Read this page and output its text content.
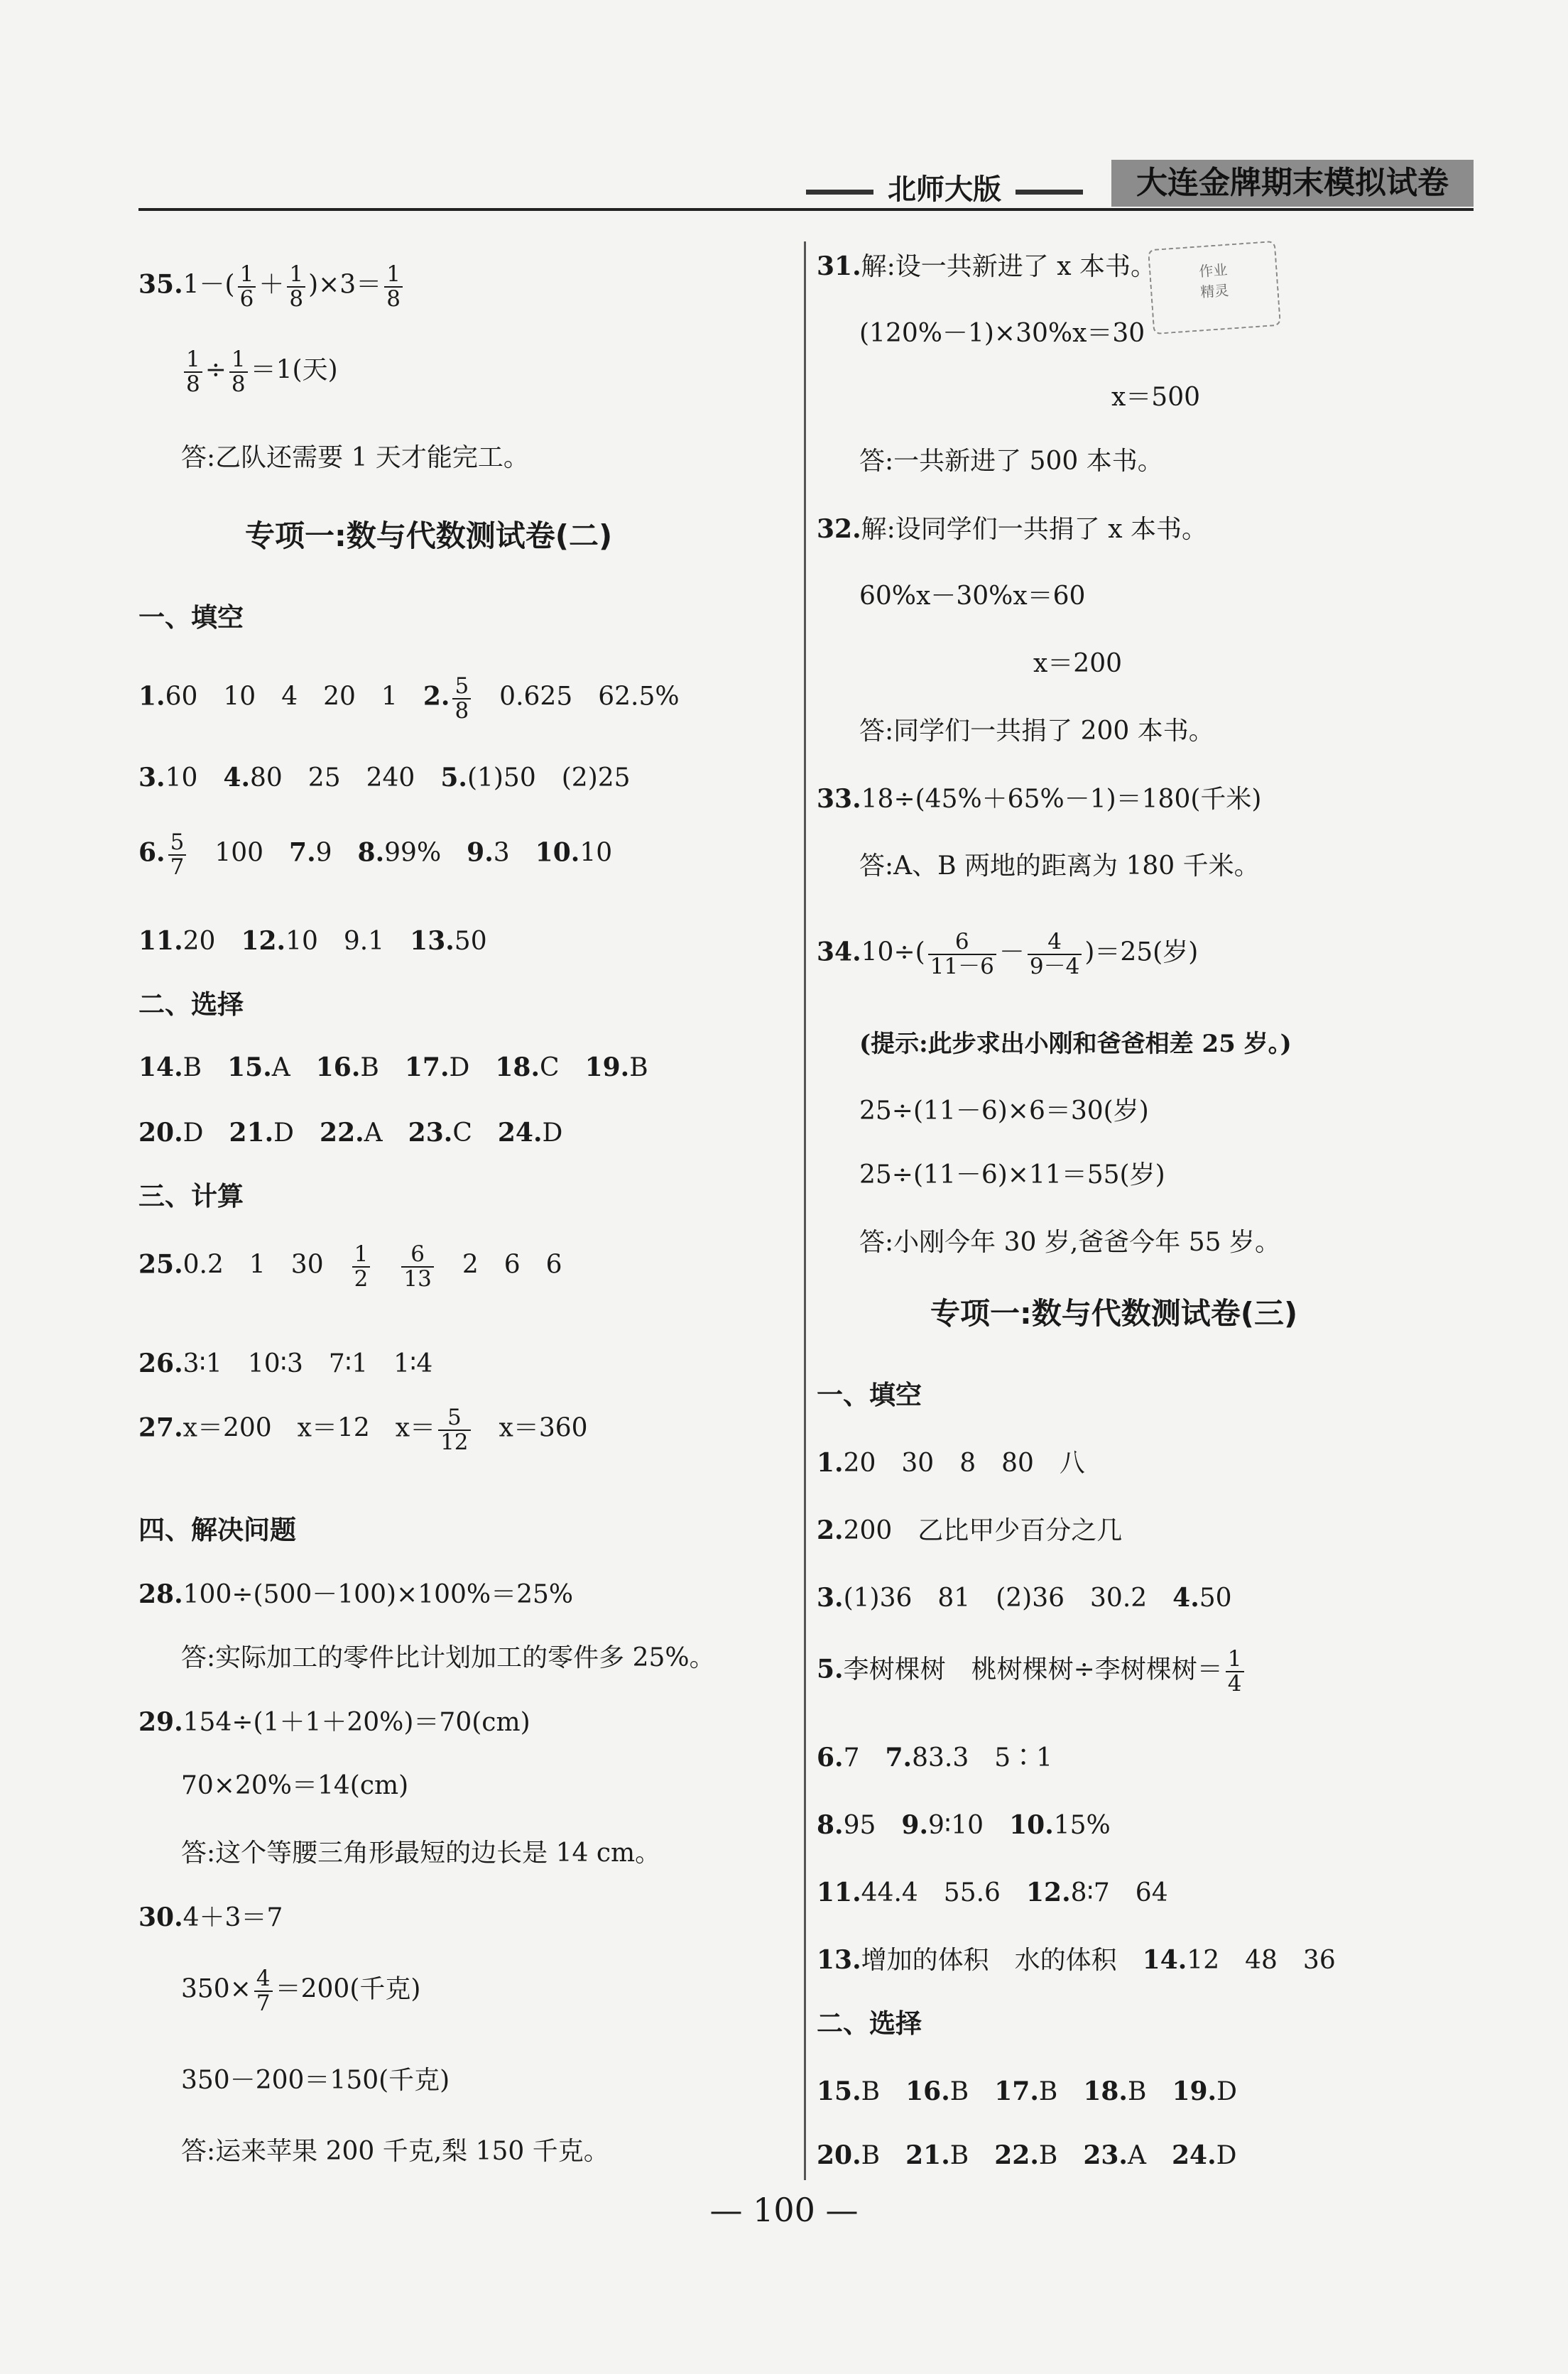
北师大版	大连金牌期末模拟试卷
作业
精灵
$35.1-( \frac{1}{6} + \frac{1}{8} )\times 3= \frac{1}{8}$
$\frac{1}{8} \div \frac{1}{8} =1$(天)
答:乙队还需要 1 天才能完工。
专项一:数与代数测试卷(二)
一、填空
1.60　10　4　20　1　2. $\frac{5}{8}$ 　0.625　62.5%
3.10　4.80　25　240　5.(1)50　(2)25
6. $\frac{5}{7}$ 　100　7.9　8.99%　9.3　10.10
11.20　12.10　9.1　13.50
二、选择
14.B　15.A　16.B　17.D　18.C　19.B
20.D　21.D　22.A　23.C　24.D
三、计算
25.0.2　1　30　 $\frac{1}{2}$
　 $\frac{6}{13}$ 　2　6　6
26.3∶1　10∶3　7∶1　1∶4
27.x＝200　x＝12　$x= \frac{5}{12}$ 　x＝360
四、解决问题
28.100÷(500－100)×100%＝25%
答:实际加工的零件比计划加工的零件多 25%。
29.154÷(1＋1＋20%)＝70(cm)
70×20%＝14(cm)
答:这个等腰三角形最短的边长是 14 cm。
30.4＋3＝7
$350\times \frac{4}{7} =200$(千克)
350－200＝150(千克)
答:运来苹果 200 千克,梨 150 千克。
31.解:设一共新进了 x 本书。
(120%－1)×30%x＝30
x＝500
答:一共新进了 500 本书。
32.解:设同学们一共捐了 x 本书。
60%x－30%x＝60
x＝200
答:同学们一共捐了 200 本书。
33.18÷(45%＋65%－1)＝180(千米)
答:A、B 两地的距离为 180 千米。
$34.10\div( \frac{6}{11-6} - \frac{4}{9-4} )=25$(岁)
(提示:此步求出小刚和爸爸相差 25 岁。)
25÷(11－6)×6＝30(岁)
25÷(11－6)×11＝55(岁)
答:小刚今年 30 岁,爸爸今年 55 岁。
专项一:数与代数测试卷(三)
一、填空
1.20　30　8　80　八
2.200　乙比甲少百分之几
3.(1)36　81　(2)36　30.2　4.50
5.李树棵树　桃树棵树÷李树棵树＝ $\frac{1}{4}$
6.7　7.83.3　5∶1
8.95　9.9∶10　10.15%
11.44.4　55.6　12.8∶7　64
13.增加的体积　水的体积　14.12　48　36
二、选择
15.B　16.B　17.B　18.B　19.D
20.B　21.B　22.B　23.A　24.D
— 100 —
